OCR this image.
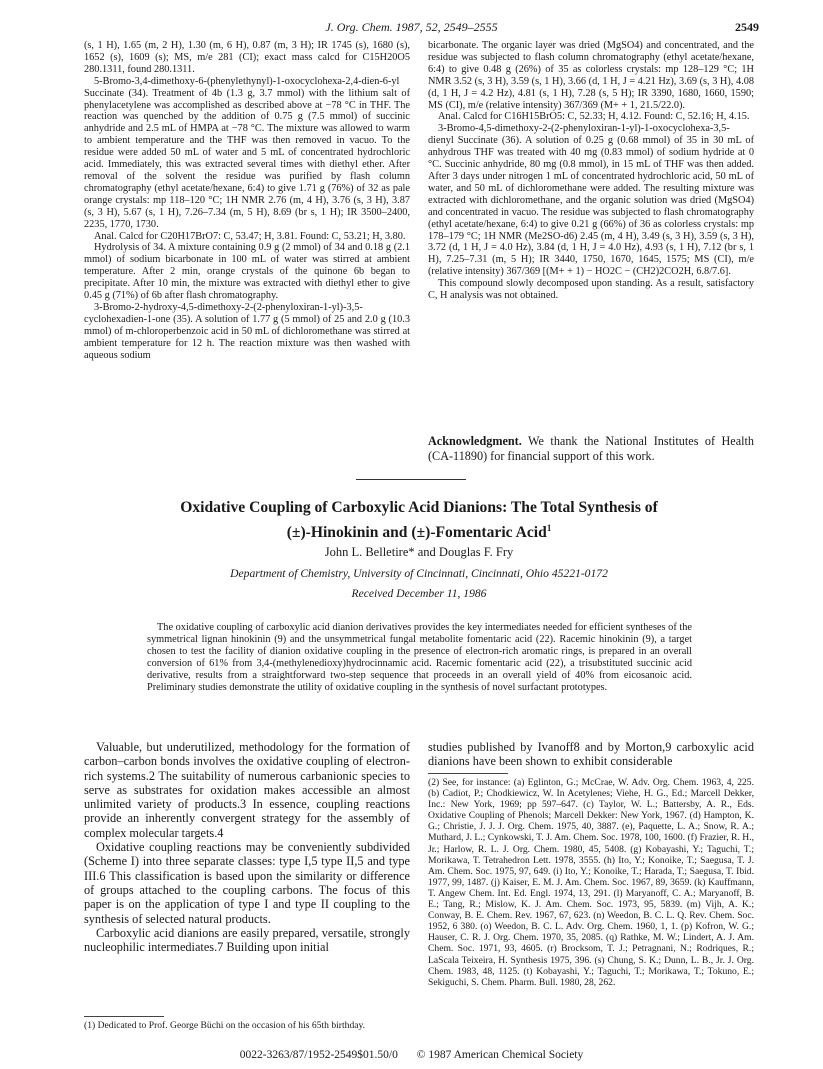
J. Org. Chem. 1987, 52, 2549–2555	2549

(s, 1 H), 1.65 (m, 2 H), 1.30 (m, 6 H), 0.87 (m, 3 H); IR 1745 (s), 1680 (s), 1652 (s), 1609 (s); MS, m/e 281 (CI); exact mass calcd for C15H20O5 280.1311, found 280.1311.

5-Bromo-3,4-dimethoxy-6-(phenylethynyl)-1-oxocyclohexa-2,4-dien-6-yl Succinate (34). Treatment of 4b (1.3 g, 3.7 mmol) with the lithium salt of phenylacetylene was accomplished as described above at −78 °C in THF. The reaction was quenched by the addition of 0.75 g (7.5 mmol) of succinic anhydride and 2.5 mL of HMPA at −78 °C. The mixture was allowed to warm to ambient temperature and the THF was then removed in vacuo. To the residue were added 50 mL of water and 5 mL of concentrated hydrochloric acid. Immediately, this was extracted several times with diethyl ether. After removal of the solvent the residue was purified by flash column chromatography (ethyl acetate/hexane, 6:4) to give 1.71 g (76%) of 32 as pale orange crystals: mp 118–120 °C; 1H NMR 2.76 (m, 4 H), 3.76 (s, 3 H), 3.87 (s, 3 H), 5.67 (s, 1 H), 7.26–7.34 (m, 5 H), 8.69 (br s, 1 H); IR 3500–2400, 2235, 1770, 1730.

Anal. Calcd for C20H17BrO7: C, 53.47; H, 3.81. Found: C, 53.21; H, 3.80.

Hydrolysis of 34. A mixture containing 0.9 g (2 mmol) of 34 and 0.18 g (2.1 mmol) of sodium bicarbonate in 100 mL of water was stirred at ambient temperature. After 2 min, orange crystals of the quinone 6b began to precipitate. After 10 min, the mixture was extracted with diethyl ether to give 0.45 g (71%) of 6b after flash chromatography.

3-Bromo-2-hydroxy-4,5-dimethoxy-2-(2-phenyloxiran-1-yl)-3,5-cyclohexadien-1-one (35). A solution of 1.77 g (5 mmol) of 25 and 2.0 g (10.3 mmol) of m-chloroperbenzoic acid in 50 mL of dichloromethane was stirred at ambient temperature for 12 h. The reaction mixture was then washed with aqueous sodium

bicarbonate. The organic layer was dried (MgSO4) and concentrated, and the residue was subjected to flash column chromatography (ethyl acetate/hexane, 6:4) to give 0.48 g (26%) of 35 as colorless crystals: mp 128–129 °C; 1H NMR 3.52 (s, 3 H), 3.59 (s, 1 H), 3.66 (d, 1 H, J = 4.21 Hz), 3.69 (s, 3 H), 4.08 (d, 1 H, J = 4.2 Hz), 4.81 (s, 1 H), 7.28 (s, 5 H); IR 3390, 1680, 1660, 1590; MS (CI), m/e (relative intensity) 367/369 (M+ + 1, 21.5/22.0).

Anal. Calcd for C16H15BrO5: C, 52.33; H, 4.12. Found: C, 52.16; H, 4.15.

3-Bromo-4,5-dimethoxy-2-(2-phenyloxiran-1-yl)-1-oxocyclohexa-3,5-dienyl Succinate (36). A solution of 0.25 g (0.68 mmol) of 35 in 30 mL of anhydrous THF was treated with 40 mg (0.83 mmol) of sodium hydride at 0 °C. Succinic anhydride, 80 mg (0.8 mmol), in 15 mL of THF was then added. After 3 days under nitrogen 1 mL of concentrated hydrochloric acid, 50 mL of water, and 50 mL of dichloromethane were added. The resulting mixture was extracted with dichloromethane, and the organic solution was dried (MgSO4) and concentrated in vacuo. The residue was subjected to flash chromatography (ethyl acetate/hexane, 6:4) to give 0.21 g (66%) of 36 as colorless crystals: mp 178–179 °C; 1H NMR (Me2SO-d6) 2.45 (m, 4 H), 3.49 (s, 3 H), 3.59 (s, 3 H), 3.72 (d, 1 H, J = 4.0 Hz), 3.84 (d, 1 H, J = 4.0 Hz), 4.93 (s, 1 H), 7.12 (br s, 1 H), 7.25–7.31 (m, 5 H); IR 3440, 1750, 1670, 1645, 1575; MS (CI), m/e (relative intensity) 367/369 [(M+ + 1) − HO2C − (CH2)2CO2H, 6.8/7.6].

This compound slowly decomposed upon standing. As a result, satisfactory C, H analysis was not obtained.

Acknowledgment. We thank the National Institutes of Health (CA-11890) for financial support of this work.
Oxidative Coupling of Carboxylic Acid Dianions: The Total Synthesis of
(±)-Hinokinin and (±)-Fomentaric Acid$^1$
John L. Belletire* and Douglas F. Fry
Department of Chemistry, University of Cincinnati, Cincinnati, Ohio 45221-0172
Received December 11, 1986

The oxidative coupling of carboxylic acid dianion derivatives provides the key intermediates needed for efficient syntheses of the symmetrical lignan hinokinin (9) and the unsymmetrical fungal metabolite fomentaric acid (22). Racemic hinokinin (9), a target chosen to test the facility of dianion oxidative coupling in the presence of electron-rich aromatic rings, is prepared in an overall conversion of 61% from 3,4-(methylenedioxy)hydrocinnamic acid. Racemic fomentaric acid (22), a trisubstituted succinic acid derivative, results from a straightforward two-step sequence that proceeds in an overall yield of 40% from eicosanoic acid. Preliminary studies demonstrate the utility of oxidative coupling in the synthesis of novel surfactant prototypes.

Valuable, but underutilized, methodology for the formation of carbon–carbon bonds involves the oxidative coupling of electron-rich systems.2 The suitability of numerous carbanionic species to serve as substrates for oxidation makes accessible an almost unlimited variety of products.3 In essence, coupling reactions provide an inherently convergent strategy for the assembly of complex molecular targets.4

Oxidative coupling reactions may be conveniently subdivided (Scheme I) into three separate classes: type I,5 type II,5 and type III.6 This classification is based upon the similarity or difference of groups attached to the coupling carbons. The focus of this paper is on the application of type I and type II coupling to the synthesis of selected natural products.

Carboxylic acid dianions are easily prepared, versatile, strongly nucleophilic intermediates.7 Building upon initial

studies published by Ivanoff8 and by Morton,9 carboxylic acid dianions have been shown to exhibit considerable
(2) See, for instance: (a) Eglinton, G.; McCrae, W. Adv. Org. Chem. 1963, 4, 225. (b) Cadiot, P.; Chodkiewicz, W. In Acetylenes; Viehe, H. G., Ed.; Marcell Dekker, Inc.: New York, 1969; pp 597–647. (c) Taylor, W. L.; Battersby, A. R., Eds. Oxidative Coupling of Phenols; Marcell Dekker: New York, 1967. (d) Hampton, K. G.; Christie, J. J. J. Org. Chem. 1975, 40, 3887. (e), Paquette, L. A.; Snow, R. A.; Muthard, J. L.; Cynkowski, T. J. Am. Chem. Soc. 1978, 100, 1600. (f) Frazier, R. H., Jr.; Harlow, R. L. J. Org. Chem. 1980, 45, 5408. (g) Kobayashi, Y.; Taguchi, T.; Morikawa, T. Tetrahedron Lett. 1978, 3555. (h) Ito, Y.; Konoike, T.; Saegusa, T. J. Am. Chem. Soc. 1975, 97, 649. (i) Ito, Y.; Konoike, T.; Harada, T.; Saegusa, T. Ibid. 1977, 99, 1487. (j) Kaiser, E. M. J. Am. Chem. Soc. 1967, 89, 3659. (k) Kauffmann, T. Angew Chem. Int. Ed. Engl. 1974, 13, 291. (l) Maryanoff, C. A.; Maryanoff, B. E.; Tang, R.; Mislow, K. J. Am. Chem. Soc. 1973, 95, 5839. (m) Vijh, A. K.; Conway, B. E. Chem. Rev. 1967, 67, 623. (n) Weedon, B. C. L. Q. Rev. Chem. Soc. 1952, 6 380. (o) Weedon, B. C. L. Adv. Org. Chem. 1960, 1, 1. (p) Kofron, W. G.; Hauser, C. R. J. Org. Chem. 1970, 35, 2085. (q) Rathke, M. W.; Lindert, A. J. Am. Chem. Soc. 1971, 93, 4605. (r) Brocksom, T. J.; Petragnani, N.; Rodriques, R.; LaScala Teixeira, H. Synthesis 1975, 396. (s) Chung, S. K.; Dunn, L. B., Jr. J. Org. Chem. 1983, 48, 1125. (t) Kobayashi, Y.; Taguchi, T.; Morikawa, T.; Tokuno, E.; Sekiguchi, S. Chem. Pharm. Bull. 1980, 28, 262.
(1) Dedicated to Prof. George Büchi on the occasion of his 65th birthday.
0022-3263/87/1952-2549$01.50/0 © 1987 American Chemical Society
